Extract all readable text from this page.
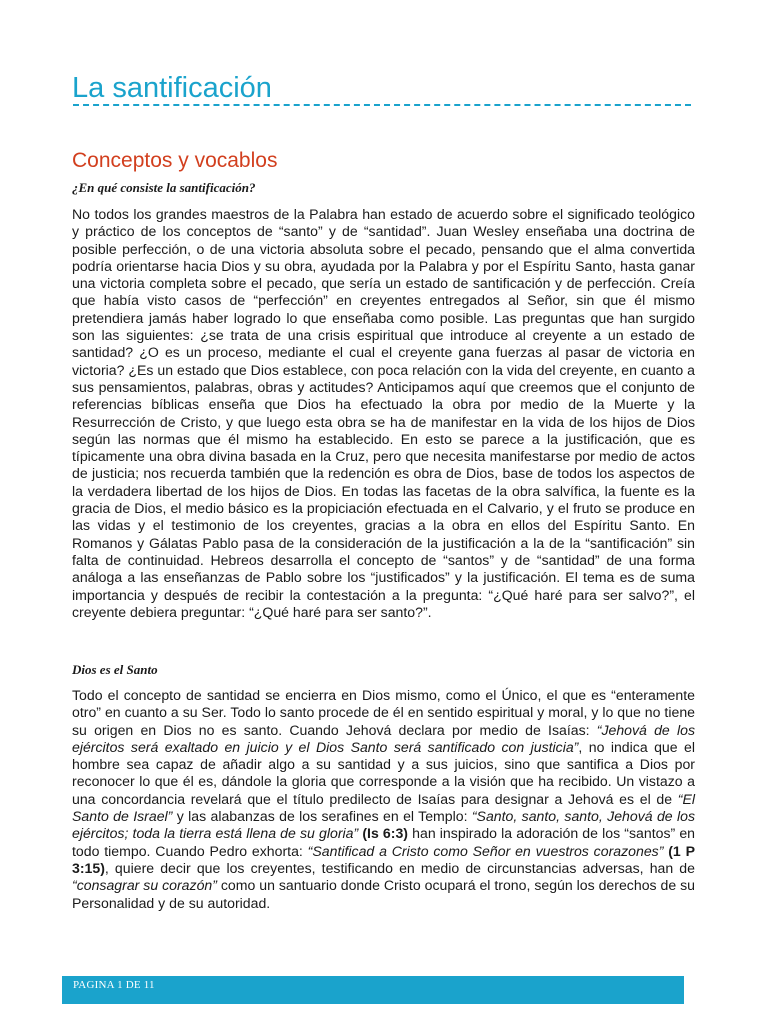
La santificación
Conceptos y vocablos

¿En qué consiste la santificación?

No todos los grandes maestros de la Palabra han estado de acuerdo sobre el significado teológico y práctico de los conceptos de “santo” y de “santidad”. Juan Wesley enseñaba una doctrina de posible perfección, o de una victoria absoluta sobre el pecado, pensando que el alma convertida podría orientarse hacia Dios y su obra, ayudada por la Palabra y por el Espíritu Santo, hasta ganar una victoria completa sobre el pecado, que sería un estado de santificación y de perfección. Creía que había visto casos de “perfección” en creyentes entregados al Señor, sin que él mismo pretendiera jamás haber logrado lo que enseñaba como posible. Las preguntas que han surgido son las siguientes: ¿se trata de una crisis espiritual que introduce al creyente a un estado de santidad? ¿O es un proceso, mediante el cual el creyente gana fuerzas al pasar de victoria en victoria? ¿Es un estado que Dios establece, con poca relación con la vida del creyente, en cuanto a sus pensamientos, palabras, obras y actitudes? Anticipamos aquí que creemos que el conjunto de referencias bíblicas enseña que Dios ha efectuado la obra por medio de la Muerte y la Resurrección de Cristo, y que luego esta obra se ha de manifestar en la vida de los hijos de Dios según las normas que él mismo ha establecido. En esto se parece a la justificación, que es típicamente una obra divina basada en la Cruz, pero que necesita manifestarse por medio de actos de justicia; nos recuerda también que la redención es obra de Dios, base de todos los aspectos de la verdadera libertad de los hijos de Dios. En todas las facetas de la obra salvífica, la fuente es la gracia de Dios, el medio básico es la propiciación efectuada en el Calvario, y el fruto se produce en las vidas y el testimonio de los creyentes, gracias a la obra en ellos del Espíritu Santo. En Romanos y Gálatas Pablo pasa de la consideración de la justificación a la de la “santificación” sin falta de continuidad. Hebreos desarrolla el concepto de “santos” y de “santidad” de una forma análoga a las enseñanzas de Pablo sobre los “justificados” y la justificación. El tema es de suma importancia y después de recibir la contestación a la pregunta: “¿Qué haré para ser salvo?”, el creyente debiera preguntar: “¿Qué haré para ser santo?”.

Dios es el Santo

Todo el concepto de santidad se encierra en Dios mismo, como el Único, el que es “enteramente otro” en cuanto a su Ser. Todo lo santo procede de él en sentido espiritual y moral, y lo que no tiene su origen en Dios no es santo. Cuando Jehová declara por medio de Isaías: “Jehová de los ejércitos será exaltado en juicio y el Dios Santo será santificado con justicia”, no indica que el hombre sea capaz de añadir algo a su santidad y a sus juicios, sino que santifica a Dios por reconocer lo que él es, dándole la gloria que corresponde a la visión que ha recibido. Un vistazo a una concordancia revelará que el título predilecto de Isaías para designar a Jehová es el de “El Santo de Israel” y las alabanzas de los serafines en el Templo: “Santo, santo, santo, Jehová de los ejércitos; toda la tierra está llena de su gloria” (Is 6:3) han inspirado la adoración de los “santos” en todo tiempo. Cuando Pedro exhorta: “Santificad a Cristo como Señor en vuestros corazones” (1 P 3:15), quiere decir que los creyentes, testificando en medio de circunstancias adversas, han de “consagrar su corazón” como un santuario donde Cristo ocupará el trono, según los derechos de su Personalidad y de su autoridad.

PAGINA 1 DE 11
